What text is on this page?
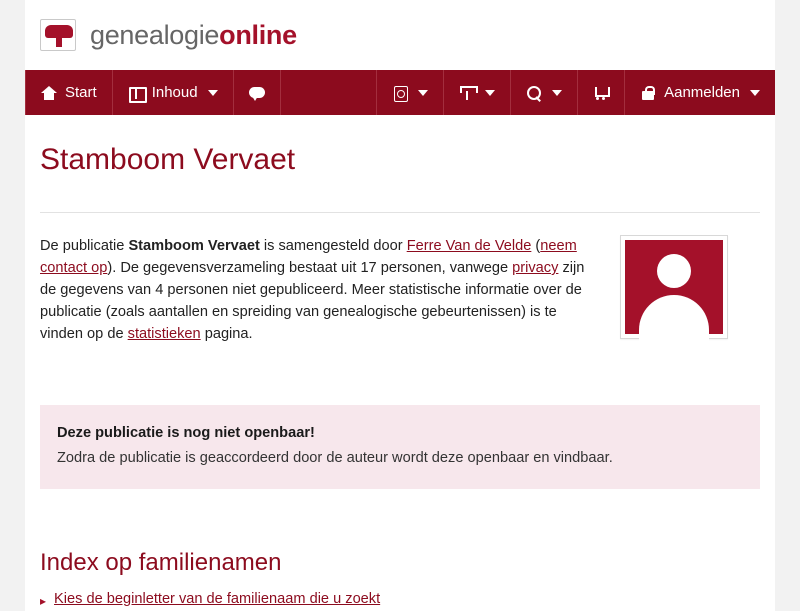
genealogieonline
Start	Inhoud	Aanmelden
Stamboom Vervaet
De publicatie Stamboom Vervaet is samengesteld door Ferre Van de Velde (neem contact op). De gegevensverzameling bestaat uit 17 personen, vanwege privacy zijn de gegevens van 4 personen niet gepubliceerd. Meer statistische informatie over de publicatie (zoals aantallen en spreiding van genealogische gebeurtenissen) is te vinden op de statistieken pagina.
Deze publicatie is nog niet openbaar!
Zodra de publicatie is geaccordeerd door de auteur wordt deze openbaar en vindbaar.
Index op familienamen
▸ Kies de beginletter van de familienaam die u zoekt
